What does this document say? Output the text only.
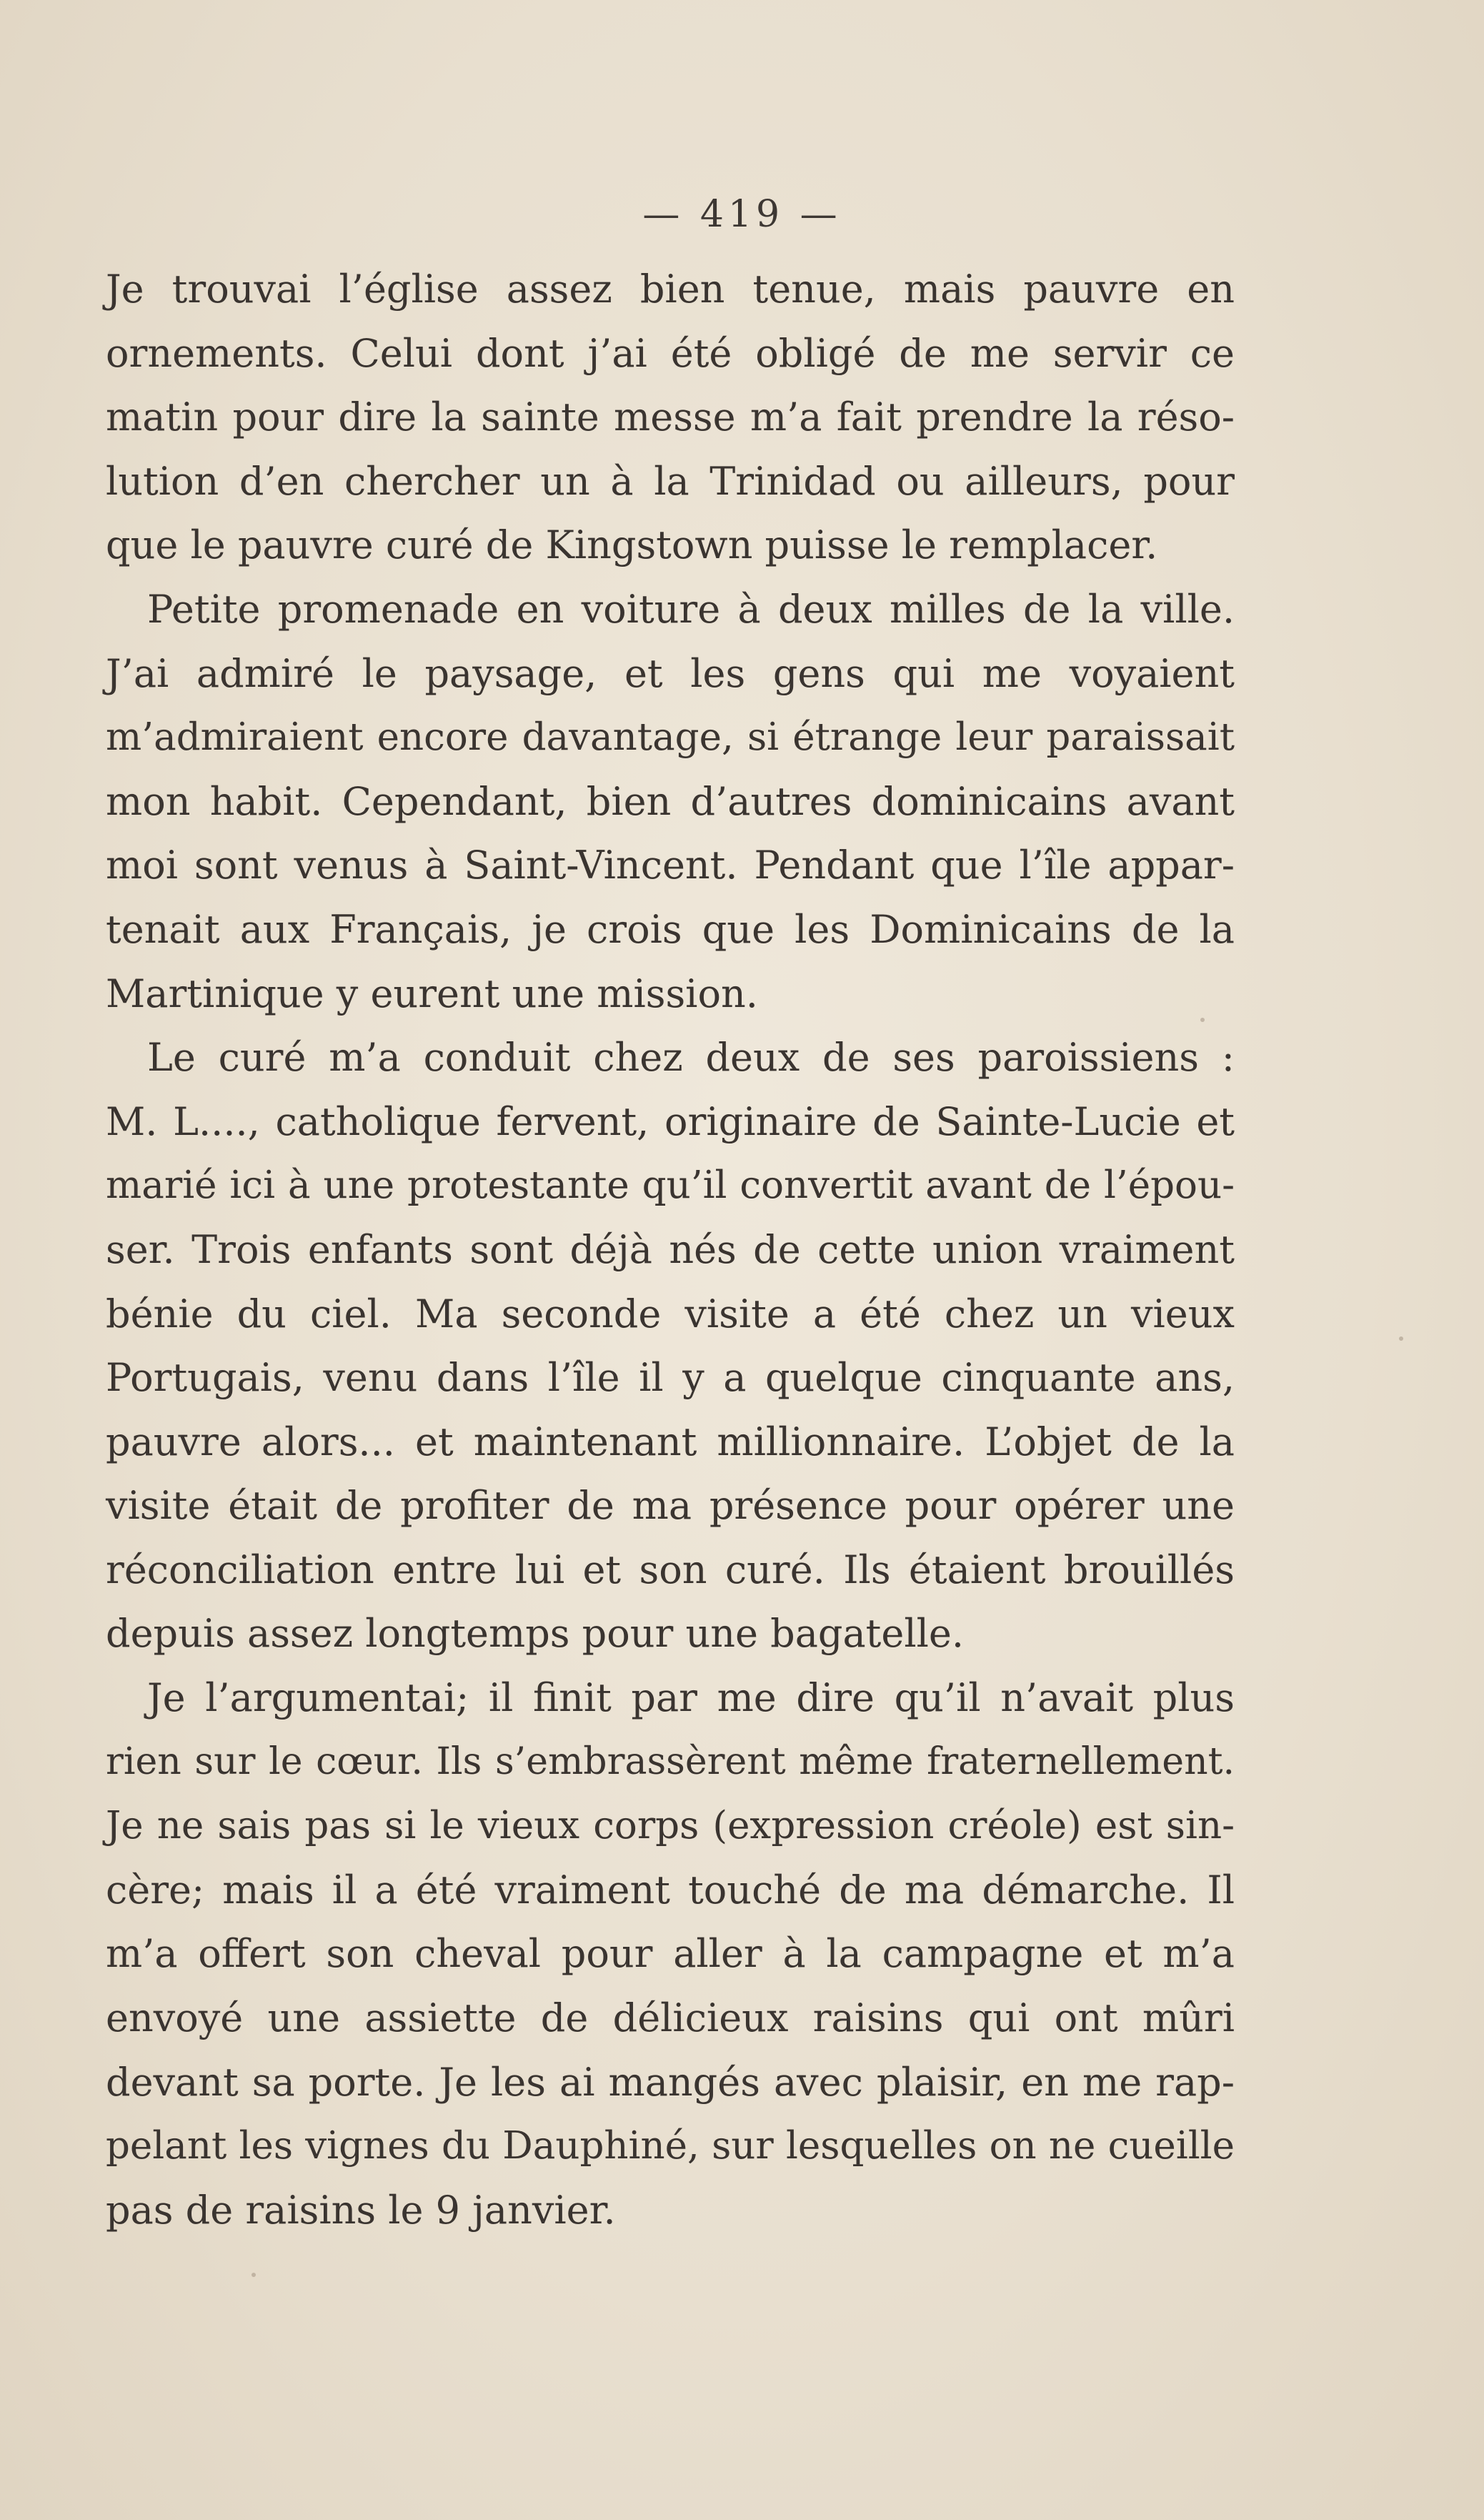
— 419 —
Je trouvai l’église assez bien tenue, mais pauvre en
ornements. Celui dont j’ai été obligé de me servir ce
matin pour dire la sainte messe m’a fait prendre la réso-
lution d’en chercher un à la Trinidad ou ailleurs, pour
que le pauvre curé de Kingstown puisse le remplacer.
Petite promenade en voiture à deux milles de la ville.
J’ai admiré le paysage, et les gens qui me voyaient
m’admiraient encore davantage, si étrange leur paraissait
mon habit. Cependant, bien d’autres dominicains avant
moi sont venus à Saint-Vincent. Pendant que l’île appar-
tenait aux Français, je crois que les Dominicains de la
Martinique y eurent une mission.
Le curé m’a conduit chez deux de ses paroissiens :
M. L...., catholique fervent, originaire de Sainte-Lucie et
marié ici à une protestante qu’il convertit avant de l’épou-
ser. Trois enfants sont déjà nés de cette union vraiment
bénie du ciel. Ma seconde visite a été chez un vieux
Portugais, venu dans l’île il y a quelque cinquante ans,
pauvre alors... et maintenant millionnaire. L’objet de la
visite était de profiter de ma présence pour opérer une
réconciliation entre lui et son curé. Ils étaient brouillés
depuis assez longtemps pour une bagatelle.
Je l’argumentai; il finit par me dire qu’il n’avait plus
rien sur le cœur. Ils s’embrassèrent même fraternellement.
Je ne sais pas si le vieux corps (expression créole) est sin-
cère; mais il a été vraiment touché de ma démarche. Il
m’a offert son cheval pour aller à la campagne et m’a
envoyé une assiette de délicieux raisins qui ont mûri
devant sa porte. Je les ai mangés avec plaisir, en me rap-
pelant les vignes du Dauphiné, sur lesquelles on ne cueille
pas de raisins le 9 janvier.
